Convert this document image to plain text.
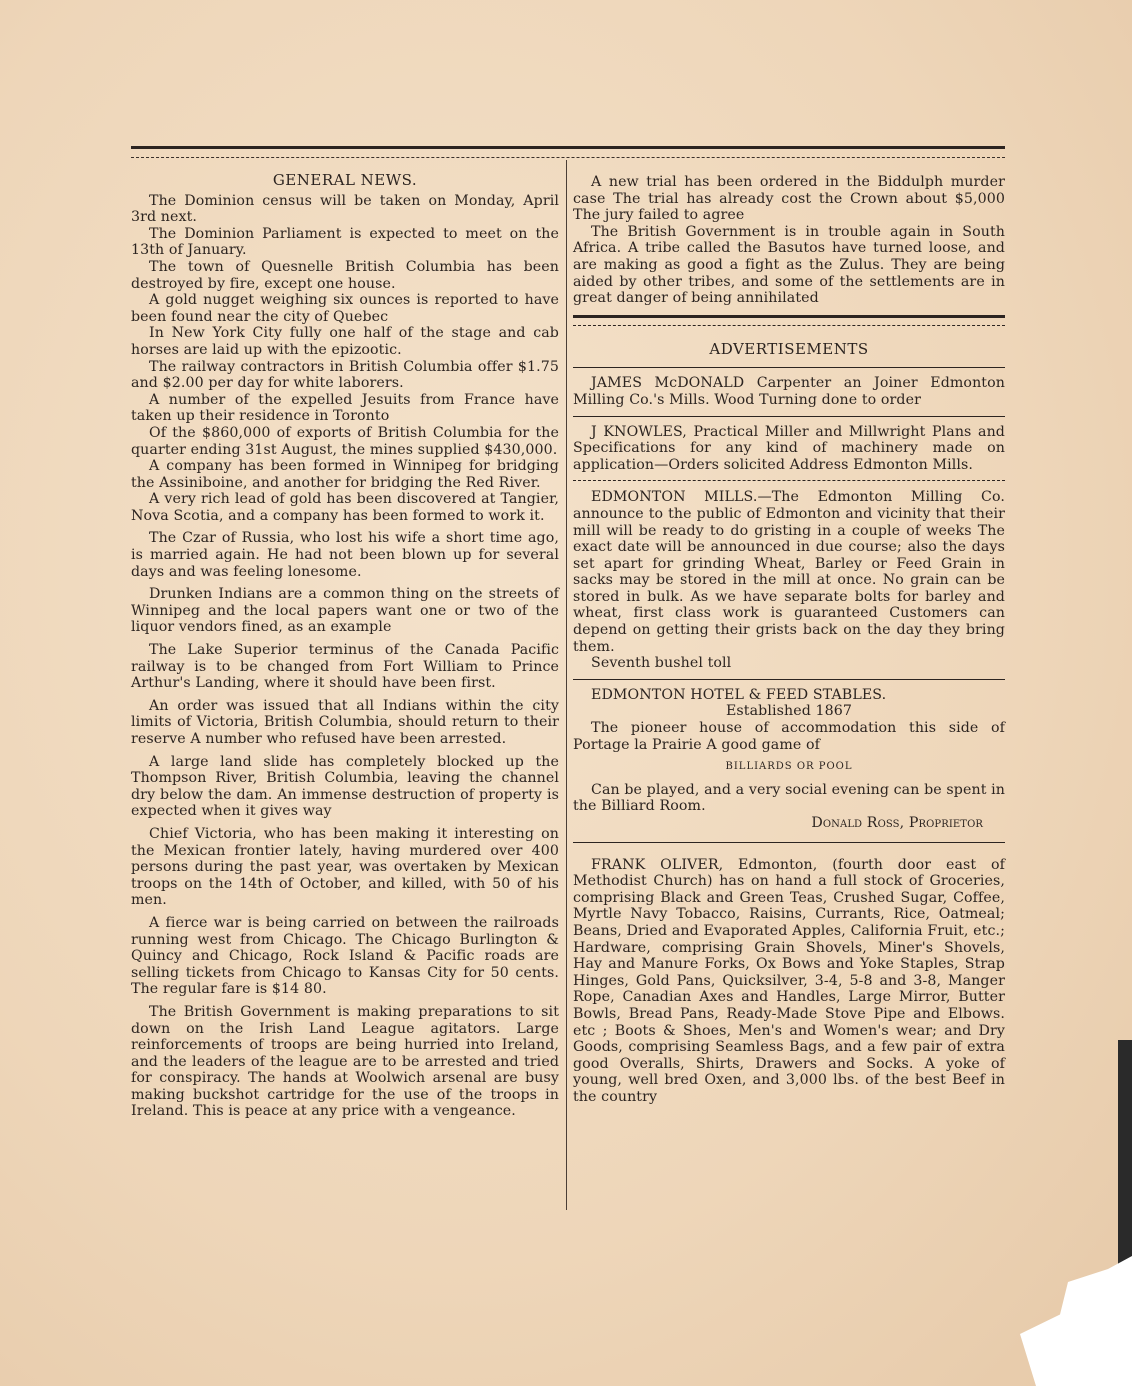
GENERAL NEWS.

The Dominion census will be taken on Monday, April 3rd next.

The Dominion Parliament is expected to meet on the 13th of January.

The town of Quesnelle British Columbia has been destroyed by fire, except one house.

A gold nugget weighing six ounces is reported to have been found near the city of Quebec

In New York City fully one half of the stage and cab horses are laid up with the epizootic.

The railway contractors in British Columbia offer $1.75 and $2.00 per day for white laborers.

A number of the expelled Jesuits from France have taken up their residence in Toronto

Of the $860,000 of exports of British Columbia for the quarter ending 31st August, the mines supplied $430,000.

A company has been formed in Winnipeg for bridging the Assiniboine, and another for bridging the Red River.

A very rich lead of gold has been discovered at Tangier, Nova Scotia, and a company has been formed to work it.

The Czar of Russia, who lost his wife a short time ago, is married again. He had not been blown up for several days and was feeling lonesome.

Drunken Indians are a common thing on the streets of Winnipeg and the local papers want one or two of the liquor vendors fined, as an example

The Lake Superior terminus of the Canada Pacific railway is to be changed from Fort William to Prince Arthur's Landing, where it should have been first.

An order was issued that all Indians within the city limits of Victoria, British Columbia, should return to their reserve A number who refused have been arrested.

A large land slide has completely blocked up the Thompson River, British Columbia, leaving the channel dry below the dam. An immense destruction of property is expected when it gives way

Chief Victoria, who has been making it interesting on the Mexican frontier lately, having murdered over 400 persons during the past year, was overtaken by Mexican troops on the 14th of October, and killed, with 50 of his men.

A fierce war is being carried on between the railroads running west from Chicago. The Chicago Burlington & Quincy and Chicago, Rock Island & Pacific roads are selling tickets from Chicago to Kansas City for 50 cents. The regular fare is $14 80.

The British Government is making preparations to sit down on the Irish Land League agitators. Large reinforcements of troops are being hurried into Ireland, and the leaders of the league are to be arrested and tried for conspiracy. The hands at Woolwich arsenal are busy making buckshot cartridge for the use of the troops in Ireland. This is peace at any price with a vengeance.

A new trial has been ordered in the Biddulph murder case The trial has already cost the Crown about $5,000 The jury failed to agree

The British Government is in trouble again in South Africa. A tribe called the Basutos have turned loose, and are making as good a fight as the Zulus. They are being aided by other tribes, and some of the settlements are in great danger of being annihilated

ADVERTISEMENTS

JAMES McDONALD Carpenter an Joiner Edmonton Milling Co.'s Mills. Wood Turning done to order

J KNOWLES, Practical Miller and Millwright Plans and Specifications for any kind of machinery made on application—Orders solicited Address Edmonton Mills.

EDMONTON MILLS.—The Edmonton Milling Co. announce to the public of Edmonton and vicinity that their mill will be ready to do gristing in a couple of weeks The exact date will be announced in due course; also the days set apart for grinding Wheat, Barley or Feed Grain in sacks may be stored in the mill at once. No grain can be stored in bulk. As we have separate bolts for barley and wheat, first class work is guaranteed Customers can depend on getting their grists back on the day they bring them.

Seventh bushel toll

EDMONTON HOTEL & FEED STABLES.

Established 1867

The pioneer house of accommodation this side of Portage la Prairie A good game of

BILLIARDS OR POOL

Can be played, and a very social evening can be spent in the Billiard Room.

Donald Ross, Proprietor

FRANK OLIVER, Edmonton, (fourth door east of Methodist Church) has on hand a full stock of Groceries, comprising Black and Green Teas, Crushed Sugar, Coffee, Myrtle Navy Tobacco, Raisins, Currants, Rice, Oatmeal; Beans, Dried and Evaporated Apples, California Fruit, etc.; Hardware, comprising Grain Shovels, Miner's Shovels, Hay and Manure Forks, Ox Bows and Yoke Staples, Strap Hinges, Gold Pans, Quicksilver, 3-4, 5-8 and 3-8, Manger Rope, Canadian Axes and Handles, Large Mirror, Butter Bowls, Bread Pans, Ready-Made Stove Pipe and Elbows. etc ; Boots & Shoes, Men's and Women's wear; and Dry Goods, comprising Seamless Bags, and a few pair of extra good Overalls, Shirts, Drawers and Socks. A yoke of young, well bred Oxen, and 3,000 lbs. of the best Beef in the country
